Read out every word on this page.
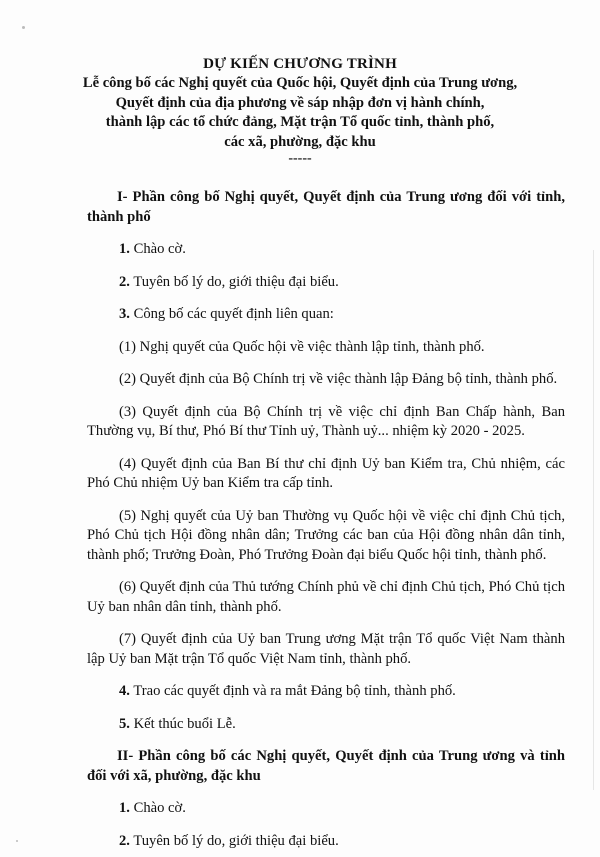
DỰ KIẾN CHƯƠNG TRÌNH
Lễ công bố các Nghị quyết của Quốc hội, Quyết định của Trung ương,
Quyết định của địa phương về sáp nhập đơn vị hành chính,
thành lập các tổ chức đảng, Mặt trận Tổ quốc tỉnh, thành phố,
các xã, phường, đặc khu
-----

I- Phần công bố Nghị quyết, Quyết định của Trung ương đối với tỉnh, thành phố

1. Chào cờ.

2. Tuyên bố lý do, giới thiệu đại biểu.

3. Công bố các quyết định liên quan:

(1) Nghị quyết của Quốc hội về việc thành lập tỉnh, thành phố.

(2) Quyết định của Bộ Chính trị về việc thành lập Đảng bộ tỉnh, thành phố.

(3) Quyết định của Bộ Chính trị về việc chỉ định Ban Chấp hành, Ban Thường vụ, Bí thư, Phó Bí thư Tỉnh uỷ, Thành uỷ... nhiệm kỳ 2020 - 2025.

(4) Quyết định của Ban Bí thư chỉ định Uỷ ban Kiểm tra, Chủ nhiệm, các Phó Chủ nhiệm Uỷ ban Kiểm tra cấp tỉnh.

(5) Nghị quyết của Uỷ ban Thường vụ Quốc hội về việc chỉ định Chủ tịch, Phó Chủ tịch Hội đồng nhân dân; Trưởng các ban của Hội đồng nhân dân tỉnh, thành phố; Trưởng Đoàn, Phó Trưởng Đoàn đại biểu Quốc hội tỉnh, thành phố.

(6) Quyết định của Thủ tướng Chính phủ về chỉ định Chủ tịch, Phó Chủ tịch Uỷ ban nhân dân tỉnh, thành phố.

(7) Quyết định của Uỷ ban Trung ương Mặt trận Tổ quốc Việt Nam thành lập Uỷ ban Mặt trận Tổ quốc Việt Nam tỉnh, thành phố.

4. Trao các quyết định và ra mắt Đảng bộ tỉnh, thành phố.

5. Kết thúc buổi Lễ.

II- Phần công bố các Nghị quyết, Quyết định của Trung ương và tỉnh đối với xã, phường, đặc khu

1. Chào cờ.

2. Tuyên bố lý do, giới thiệu đại biểu.
